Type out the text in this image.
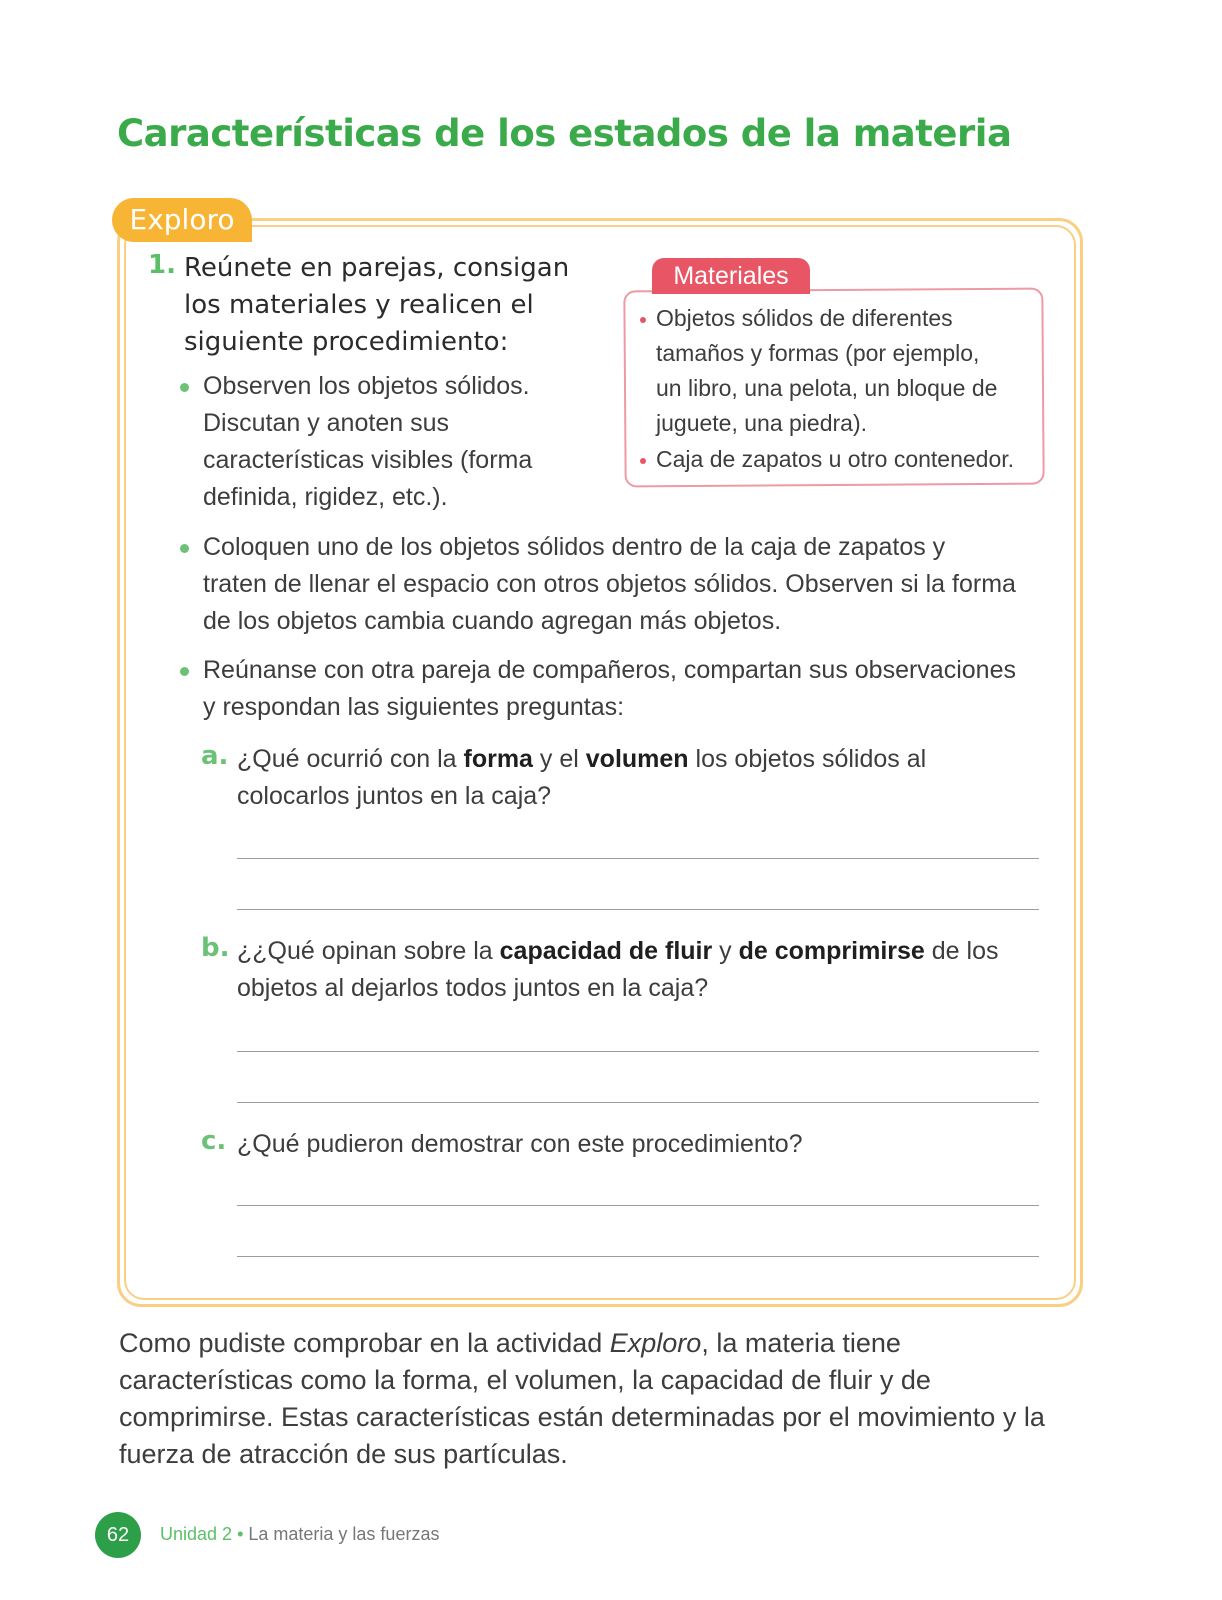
Características de los estados de la materia
Exploro
1. Reúnete en parejas, consigan los materiales y realicen el siguiente procedimiento:
Observen los objetos sólidos.
Discutan y anoten sus
características visibles (forma
definida, rigidez, etc.).
Materiales
Objetos sólidos de diferentes
tamaños y formas (por ejemplo,
un libro, una pelota, un bloque de
juguete, una piedra).
Caja de zapatos u otro contenedor.
Coloquen uno de los objetos sólidos dentro de la caja de zapatos y
traten de llenar el espacio con otros objetos sólidos. Observen si la forma
de los objetos cambia cuando agregan más objetos.
Reúnanse con otra pareja de compañeros, compartan sus observaciones
y respondan las siguientes preguntas:
a. ¿Qué ocurrió con la forma y el volumen los objetos sólidos al
colocarlos juntos en la caja?
b. ¿¿Qué opinan sobre la capacidad de fluir y de comprimirse de los
objetos al dejarlos todos juntos en la caja?
c. ¿Qué pudieron demostrar con este procedimiento?

Como pudiste comprobar en la actividad Exploro, la materia tiene características como la forma, el volumen, la capacidad de fluir y de comprimirse. Estas características están determinadas por el movimiento y la fuerza de atracción de sus partículas.

62	Unidad 2 • La materia y las fuerzas
